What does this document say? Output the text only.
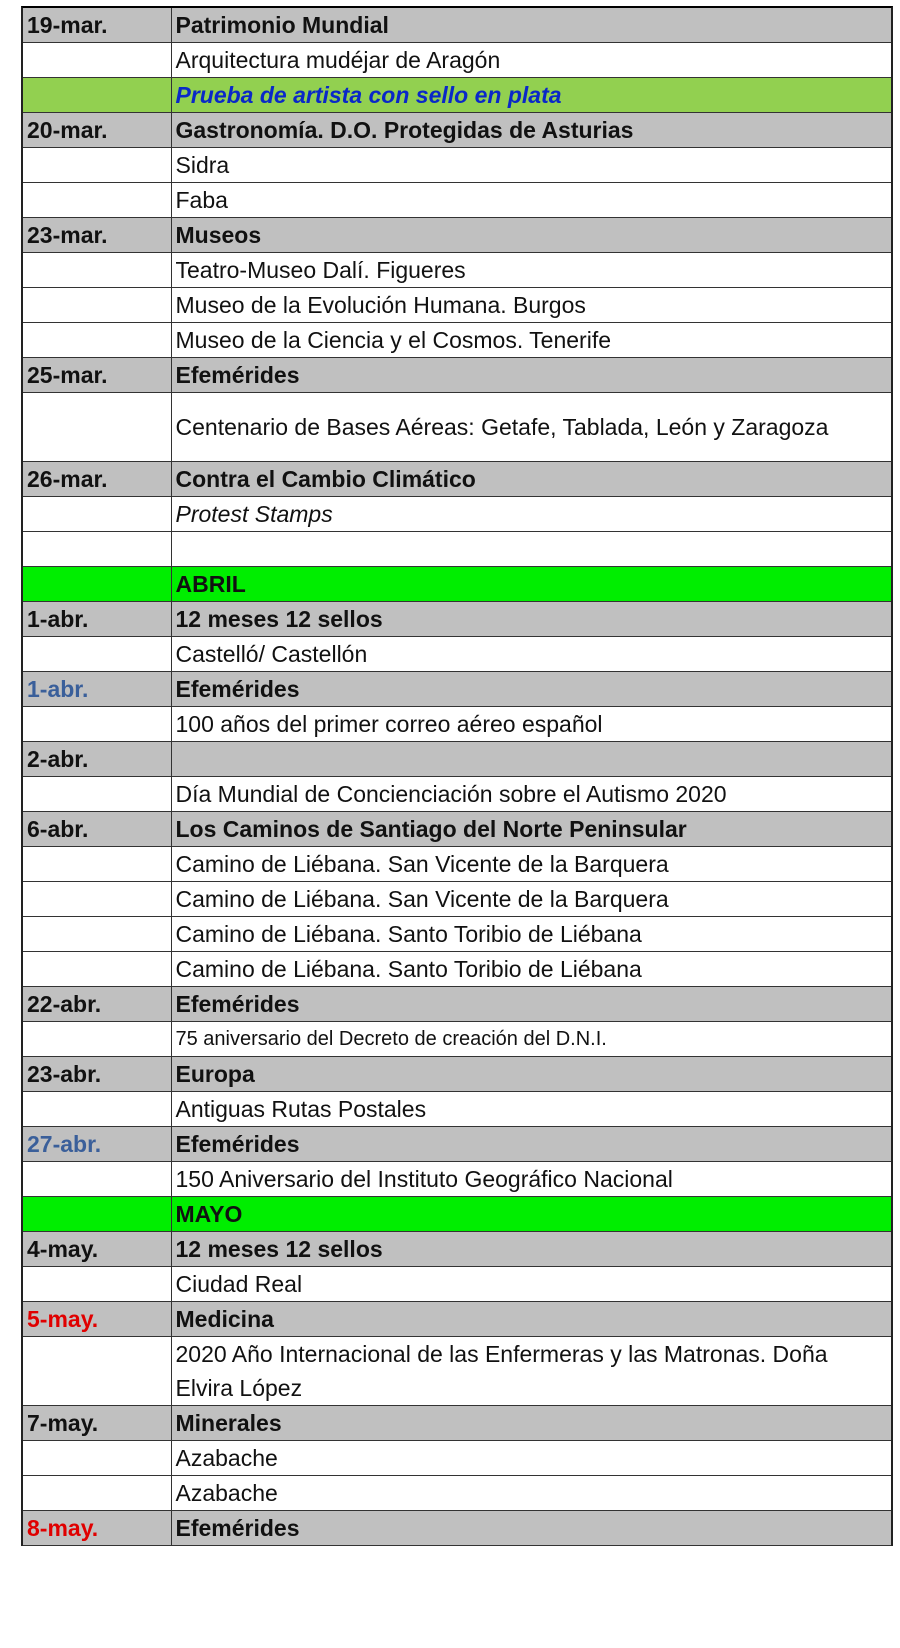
19-mar.	Patrimonio Mundial
	Arquitectura mudéjar de Aragón
	Prueba de artista con sello en plata
20-mar.	Gastronomía. D.O. Protegidas de Asturias
	Sidra
	Faba
23-mar.	Museos
	Teatro-Museo Dalí. Figueres
	Museo de la Evolución Humana. Burgos
	Museo de la Ciencia y el Cosmos. Tenerife
25-mar.	Efemérides
	Centenario de Bases Aéreas: Getafe, Tablada, León y Zaragoza
26-mar.	Contra el Cambio Climático
	Protest Stamps

	ABRIL
1-abr.	12 meses 12 sellos
	Castelló/ Castellón
1-abr.	Efemérides
	100 años del primer correo aéreo español
2-abr.	
	Día Mundial de Concienciación sobre el Autismo 2020
6-abr.	Los Caminos de Santiago del Norte Peninsular
	Camino de Liébana. San Vicente de la Barquera
	Camino de Liébana. San Vicente de la Barquera
	Camino de Liébana. Santo Toribio de Liébana
	Camino de Liébana. Santo Toribio de Liébana
22-abr.	Efemérides
	75 aniversario del Decreto de creación del D.N.I.
23-abr.	Europa
	Antiguas Rutas Postales
27-abr.	Efemérides
	150 Aniversario del Instituto Geográfico Nacional
	MAYO
4-may.	12 meses 12 sellos
	Ciudad Real
5-may.	Medicina
	2020 Año Internacional de las Enfermeras y las Matronas. Doña Elvira López
7-may.	Minerales
	Azabache
	Azabache
8-may.	Efemérides
